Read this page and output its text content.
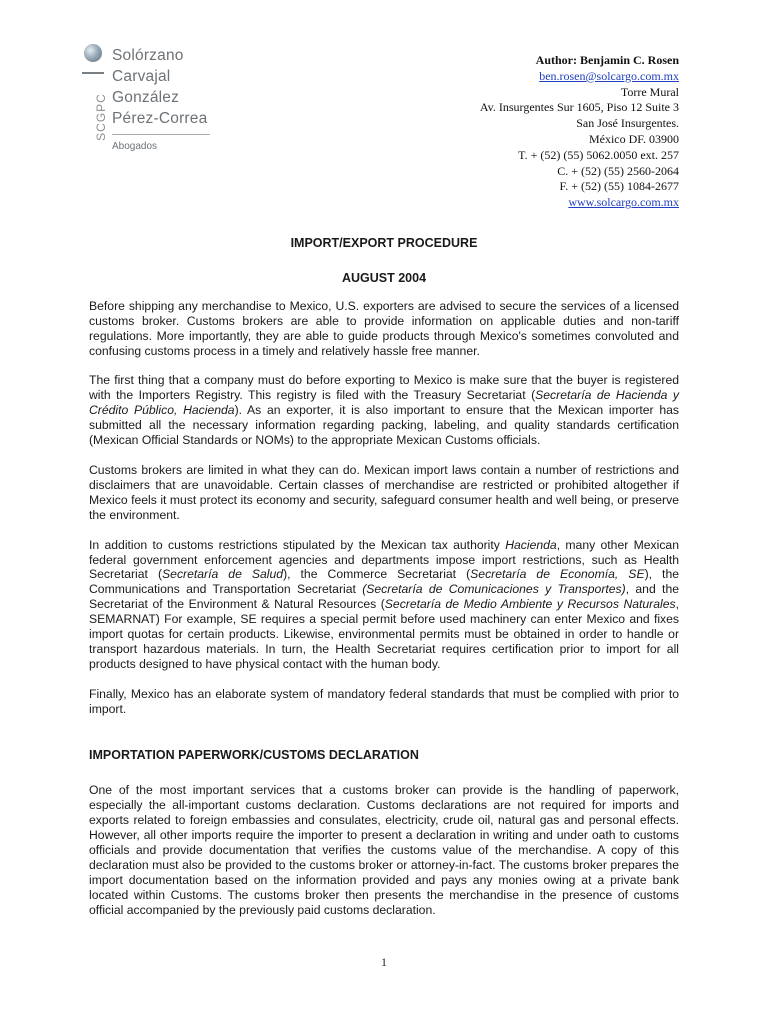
SCGPC
Solórzano
Carvajal
González
Pérez-Correa
Abogados
Author: Benjamin C. Rosen
ben.rosen@solcargo.com.mx
Torre Mural
Av. Insurgentes Sur 1605, Piso 12 Suite 3
San José Insurgentes.
México DF. 03900
T. + (52) (55) 5062.0050 ext. 257
C. + (52) (55) 2560-2064
F. + (52) (55) 1084-2677
www.solcargo.com.mx
IMPORT/EXPORT PROCEDURE
AUGUST 2004

Before shipping any merchandise to Mexico, U.S. exporters are advised to secure the services of a licensed customs broker. Customs brokers are able to provide information on applicable duties and non-tariff regulations. More importantly, they are able to guide products through Mexico's sometimes convoluted and confusing customs process in a timely and relatively hassle free manner.

The first thing that a company must do before exporting to Mexico is make sure that the buyer is registered with the Importers Registry. This registry is filed with the Treasury Secretariat (Secretaría de Hacienda y Crédito Público, Hacienda). As an exporter, it is also important to ensure that the Mexican importer has submitted all the necessary information regarding packing, labeling, and quality standards certification (Mexican Official Standards or NOMs) to the appropriate Mexican Customs officials.

Customs brokers are limited in what they can do. Mexican import laws contain a number of restrictions and disclaimers that are unavoidable. Certain classes of merchandise are restricted or prohibited altogether if Mexico feels it must protect its economy and security, safeguard consumer health and well being, or preserve the environment.

In addition to customs restrictions stipulated by the Mexican tax authority Hacienda, many other Mexican federal government enforcement agencies and departments impose import restrictions, such as Health Secretariat (Secretaría de Salud), the Commerce Secretariat (Secretaría de Economía, SE), the Communications and Transportation Secretariat (Secretaría de Comunicaciones y Transportes), and the Secretariat of the Environment & Natural Resources (Secretaría de Medio Ambiente y Recursos Naturales, SEMARNAT) For example, SE requires a special permit before used machinery can enter Mexico and fixes import quotas for certain products. Likewise, environmental permits must be obtained in order to handle or transport hazardous materials. In turn, the Health Secretariat requires certification prior to import for all products designed to have physical contact with the human body.

Finally, Mexico has an elaborate system of mandatory federal standards that must be complied with prior to import.

IMPORTATION PAPERWORK/CUSTOMS DECLARATION

One of the most important services that a customs broker can provide is the handling of paperwork, especially the all-important customs declaration. Customs declarations are not required for imports and exports related to foreign embassies and consulates, electricity, crude oil, natural gas and personal effects. However, all other imports require the importer to present a declaration in writing and under oath to customs officials and provide documentation that verifies the customs value of the merchandise. A copy of this declaration must also be provided to the customs broker or attorney-in-fact. The customs broker prepares the import documentation based on the information provided and pays any monies owing at a private bank located within Customs. The customs broker then presents the merchandise in the presence of customs official accompanied by the previously paid customs declaration.

1
